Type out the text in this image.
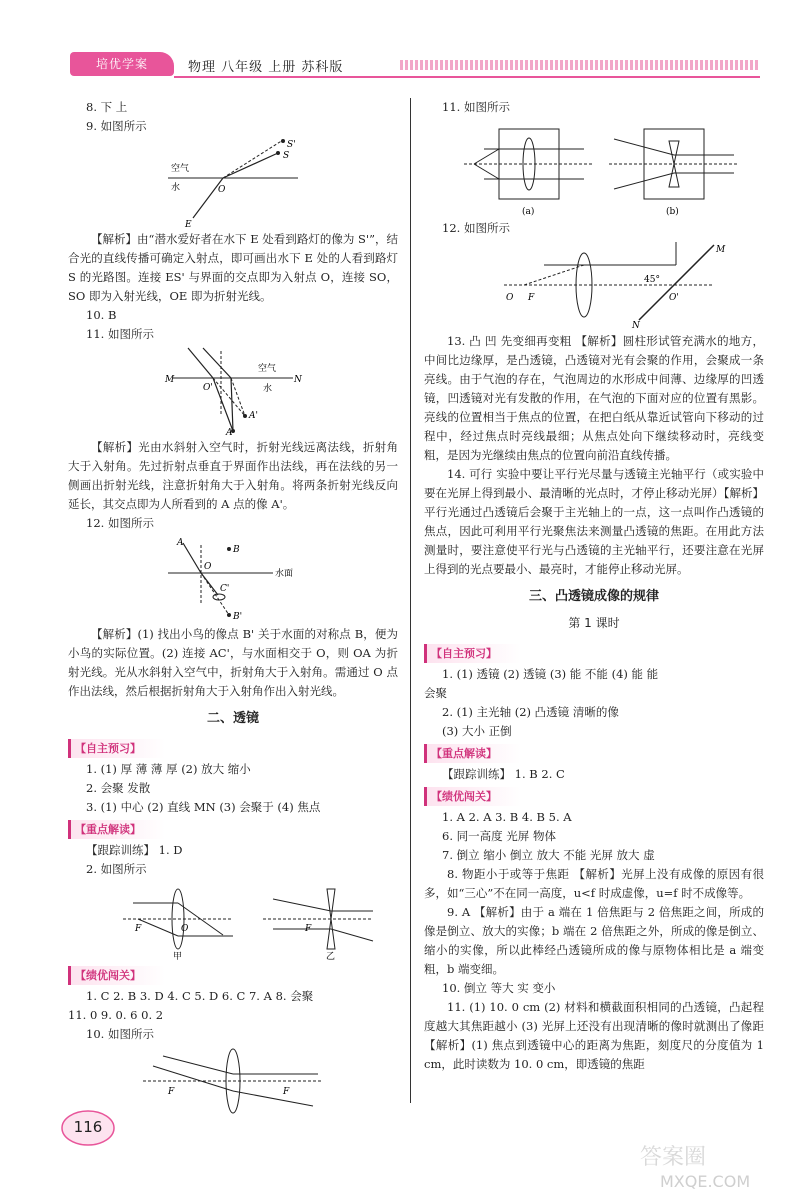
培优学案	物理 八年级 上册 苏科版
8. 下 上
9. 如图所示
空气
水
S
S'
O
E

【解析】由“潜水爱好者在水下 E 处看到路灯的像为 S'”，结合光的直线传播可确定入射点，即可画出水下 E 处的人看到路灯 S 的光路图。连接 ES' 与界面的交点即为入射点 O，连接 SO，SO 即为入射光线，OE 即为折射光线。

10. B
11. 如图所示
空气
水
M	N
O'
A
A'

【解析】光由水斜射入空气时，折射光线远离法线，折射角大于入射角。先过折射点垂直于界面作出法线，再在法线的另一侧画出折射光线，注意折射角大于入射角。将两条折射光线反向延长，其交点即为人所看到的 A 点的像 A'。

12. 如图所示
水面
B
B'
A
O
C'

【解析】(1) 找出小鸟的像点 B' 关于水面的对称点 B，便为小鸟的实际位置。(2) 连接 AC'，与水面相交于 O，则 OA 为折射光线。光从水斜射入空气中，折射角大于入射角。需通过 O 点作出法线，然后根据折射角大于入射角作出入射光线。

二、透镜
【自主预习】
1. (1) 厚 薄 薄 厚 (2) 放大 缩小
2. 会聚 发散
3. (1) 中心 (2) 直线 MN (3) 会聚于 (4) 焦点
【重点解读】
【跟踪训练】 1. D
2. 如图所示
F	O
甲
F
乙
【绩优闯关】
1. C 2. B 3. D 4. C 5. D 6. C 7. A 8. 会聚
11. 0 9. 0. 6 0. 2
10. 如图所示
F	F
11. 如图所示
(a)	(b)
12. 如图所示
O F	O'
M
N
45°

13. 凸 凹 先变细再变粗 【解析】圆柱形试管充满水的地方，中间比边缘厚，是凸透镜，凸透镜对光有会聚的作用，会聚成一条亮线。由于气泡的存在，气泡周边的水形成中间薄、边缘厚的凹透镜，凹透镜对光有发散的作用，在气泡的下面对应的位置有黑影。亮线的位置相当于焦点的位置，在把白纸从靠近试管向下移动的过程中，经过焦点时亮线最细；从焦点处向下继续移动时，亮线变粗，是因为光继续由焦点的位置向前沿直线传播。

14. 可行 实验中要让平行光尽量与透镜主光轴平行（或实验中要在光屏上得到最小、最清晰的光点时，才停止移动光屏）【解析】平行光通过凸透镜后会聚于主光轴上的一点，这一点叫作凸透镜的焦点，因此可利用平行光聚焦法来测量凸透镜的焦距。在用此方法测量时，要注意使平行光与凸透镜的主光轴平行，还要注意在光屏上得到的光点要最小、最亮时，才能停止移动光屏。

三、凸透镜成像的规律
第 1 课时
【自主预习】
1. (1) 透镜 (2) 透镜 (3) 能 不能 (4) 能 能
会聚
2. (1) 主光轴 (2) 凸透镜 清晰的像
(3) 大小 正倒
【重点解读】
【跟踪训练】 1. B 2. C
【绩优闯关】
1. A 2. A 3. B 4. B 5. A
6. 同一高度 光屏 物体
7. 倒立 缩小 倒立 放大 不能 光屏 放大 虚

8. 物距小于或等于焦距 【解析】光屏上没有成像的原因有很多，如“三心”不在同一高度，u<f 时成虚像，u=f 时不成像等。

9. A 【解析】由于 a 端在 1 倍焦距与 2 倍焦距之间，所成的像是倒立、放大的实像；b 端在 2 倍焦距之外，所成的像是倒立、缩小的实像，所以此棒经凸透镜所成的像与原物体相比是 a 端变粗，b 端变细。

10. 倒立 等大 实 变小

11. (1) 10. 0 cm (2) 材料和横截面积相同的凸透镜，凸起程度越大其焦距越小 (3) 光屏上还没有出现清晰的像时就测出了像距 【解析】(1) 焦点到透镜中心的距离为焦距，刻度尺的分度值为 1 cm，此时读数为 10. 0 cm，即透镜的焦距

116
答案圈
MXQE.COM
